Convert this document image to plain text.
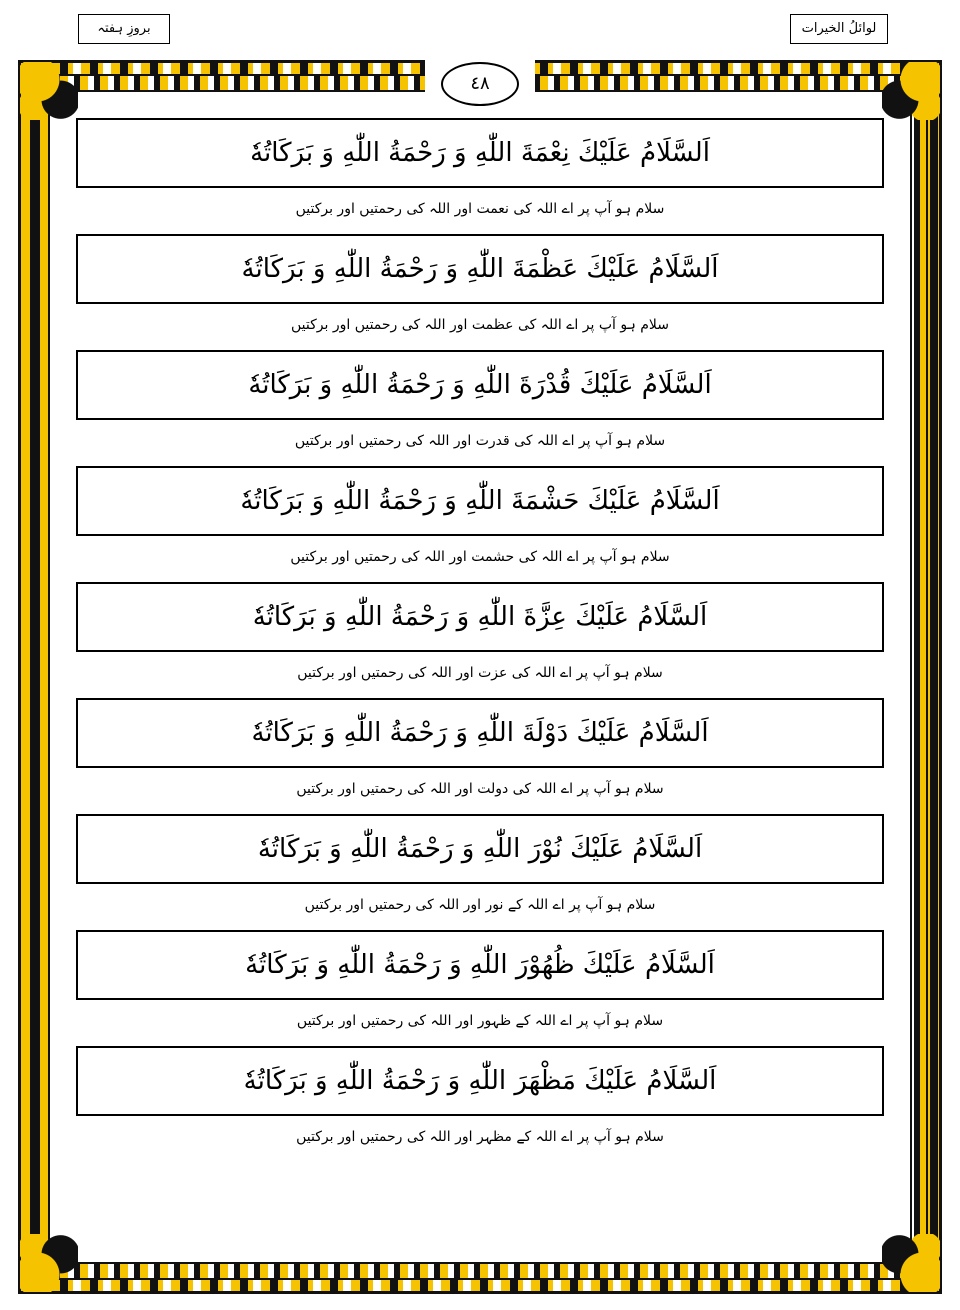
بروزِ ہفتہ	لوائلُ الخیرات
٤٨
اَلسَّلَامُ عَلَيْكَ نِعْمَةَ اللّٰهِ وَ رَحْمَةُ اللّٰهِ وَ بَرَكَاتُهٗ
سلام ہو آپ پر اے اللہ کی نعمت اور اللہ کی رحمتیں اور برکتیں
اَلسَّلَامُ عَلَيْكَ عَظْمَةَ اللّٰهِ وَ رَحْمَةُ اللّٰهِ وَ بَرَكَاتُهٗ
سلام ہو آپ پر اے اللہ کی عظمت اور اللہ کی رحمتیں اور برکتیں
اَلسَّلَامُ عَلَيْكَ قُدْرَةَ اللّٰهِ وَ رَحْمَةُ اللّٰهِ وَ بَرَكَاتُهٗ
سلام ہو آپ پر اے اللہ کی قدرت اور اللہ کی رحمتیں اور برکتیں
اَلسَّلَامُ عَلَيْكَ حَشْمَةَ اللّٰهِ وَ رَحْمَةُ اللّٰهِ وَ بَرَكَاتُهٗ
سلام ہو آپ پر اے اللہ کی حشمت اور اللہ کی رحمتیں اور برکتیں
اَلسَّلَامُ عَلَيْكَ عِزَّةَ اللّٰهِ وَ رَحْمَةُ اللّٰهِ وَ بَرَكَاتُهٗ
سلام ہو آپ پر اے اللہ کی عزت اور اللہ کی رحمتیں اور برکتیں
اَلسَّلَامُ عَلَيْكَ دَوْلَةَ اللّٰهِ وَ رَحْمَةُ اللّٰهِ وَ بَرَكَاتُهٗ
سلام ہو آپ پر اے اللہ کی دولت اور اللہ کی رحمتیں اور برکتیں
اَلسَّلَامُ عَلَيْكَ نُوْرَ اللّٰهِ وَ رَحْمَةُ اللّٰهِ وَ بَرَكَاتُهٗ
سلام ہو آپ پر اے اللہ کے نور اور اللہ کی رحمتیں اور برکتیں
اَلسَّلَامُ عَلَيْكَ ظُهُوْرَ اللّٰهِ وَ رَحْمَةُ اللّٰهِ وَ بَرَكَاتُهٗ
سلام ہو آپ پر اے اللہ کے ظہور اور اللہ کی رحمتیں اور برکتیں
اَلسَّلَامُ عَلَيْكَ مَظْهَرَ اللّٰهِ وَ رَحْمَةُ اللّٰهِ وَ بَرَكَاتُهٗ
سلام ہو آپ پر اے اللہ کے مظہر اور اللہ کی رحمتیں اور برکتیں
